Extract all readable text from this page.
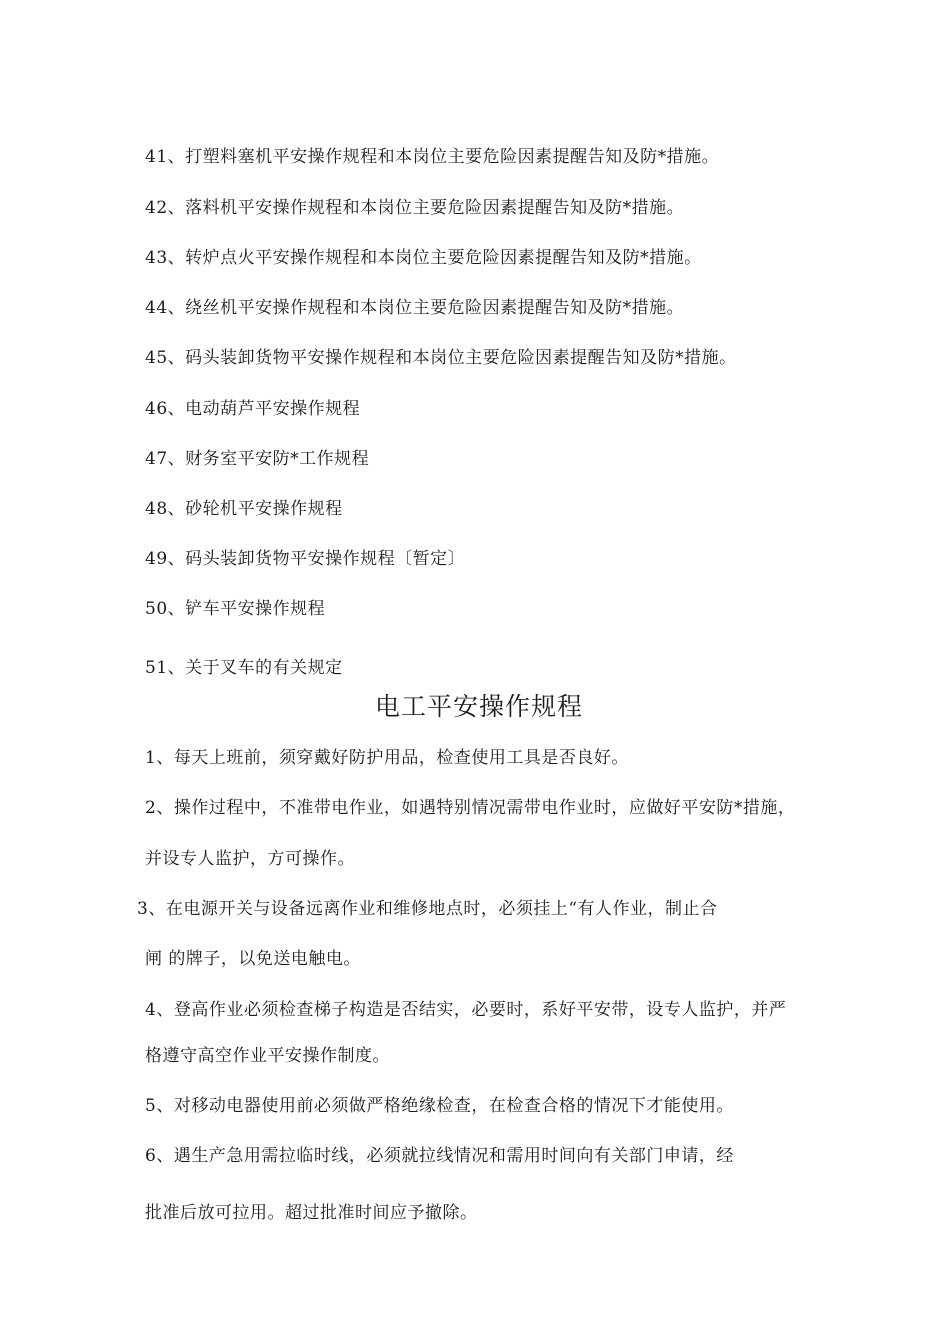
41、打塑料塞机平安操作规程和本岗位主要危险因素提醒告知及防*措施。
42、落料机平安操作规程和本岗位主要危险因素提醒告知及防*措施。
43、转炉点火平安操作规程和本岗位主要危险因素提醒告知及防*措施。
44、绕丝机平安操作规程和本岗位主要危险因素提醒告知及防*措施。
45、码头装卸货物平安操作规程和本岗位主要危险因素提醒告知及防*措施。
46、电动葫芦平安操作规程
47、财务室平安防*工作规程
48、砂轮机平安操作规程
49、码头装卸货物平安操作规程〔暂定〕
50、铲车平安操作规程
51、关于叉车的有关规定
电工平安操作规程
1、每天上班前，须穿戴好防护用品，检查使用工具是否良好。
2、操作过程中，不准带电作业，如遇特别情况需带电作业时，应做好平安防*措施，
并设专人监护，方可操作。
3、在电源开关与设备远离作业和维修地点时，必须挂上“有人作业，制止合
闸 的牌子，以免送电触电。
4、登高作业必须检查梯子构造是否结实，必要时，系好平安带，设专人监护，并严
格遵守高空作业平安操作制度。
5、对移动电器使用前必须做严格绝缘检查，在检查合格的情况下才能使用。
6、遇生产急用需拉临时线，必须就拉线情况和需用时间向有关部门申请，经
批准后放可拉用。超过批准时间应予撤除。
